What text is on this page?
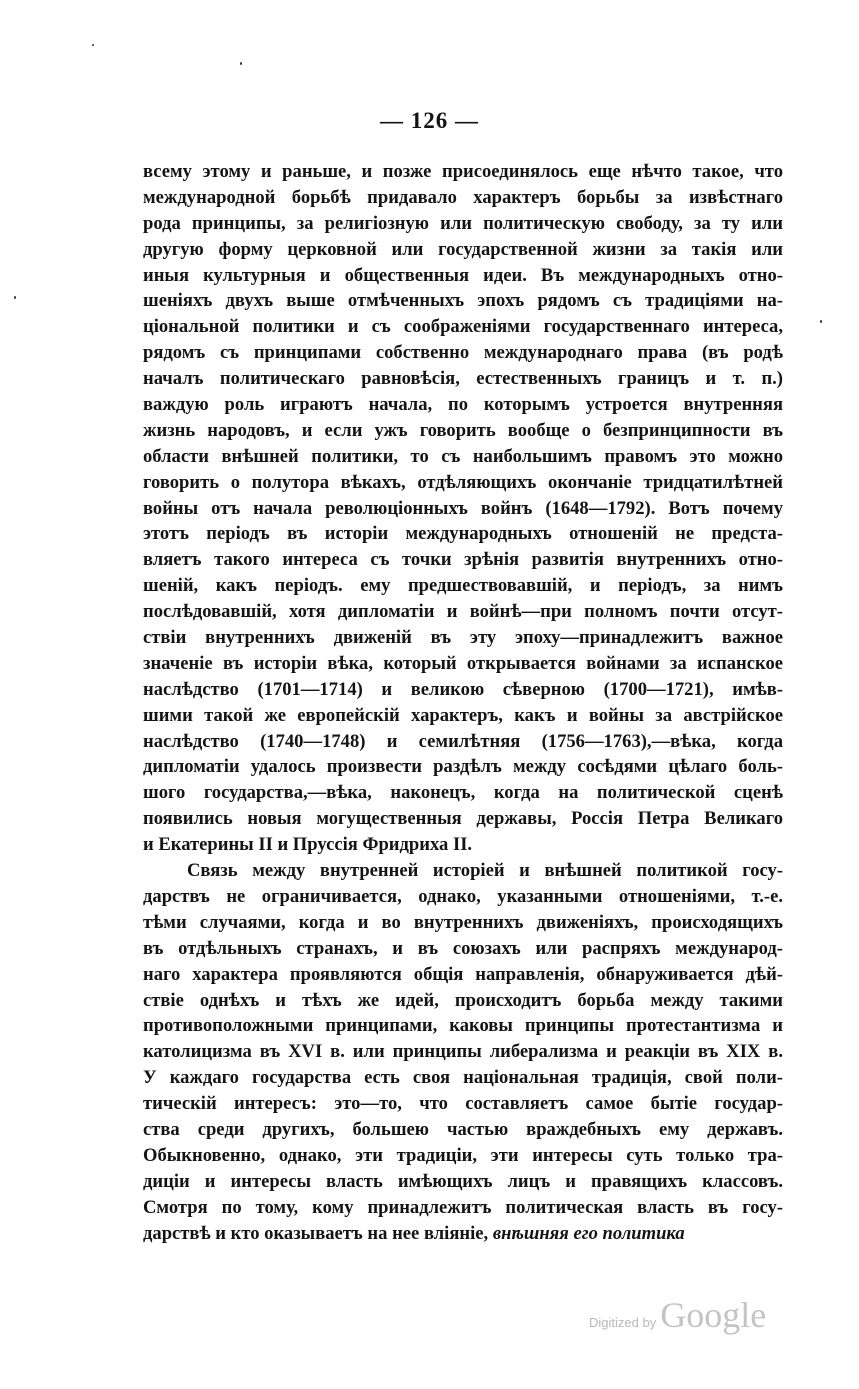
— 126 —
всему этому и раньше, и позже присоединялось еще нѣчто такое, что
международной борьбѣ придавало характеръ борьбы за извѣстнаго
рода принципы, за религіозную или политическую свободу, за ту или
другую форму церковной или государственной жизни за такія или
иныя культурныя и общественныя идеи. Въ международныхъ отно-
шеніяхъ двухъ выше отмѣченныхъ эпохъ рядомъ съ традиціями на-
ціональной политики и съ соображеніями государственнаго интереса,
рядомъ съ принципами собственно международнаго права (въ родѣ
началъ политическаго равновѣсія, естественныхъ границъ и т. п.)
важдую роль играютъ начала, по которымъ устроется внутренняя
жизнь народовъ, и если ужъ говорить вообще о безпринципности въ
области внѣшней политики, то съ наибольшимъ правомъ это можно
говорить о полутора вѣкахъ, отдѣляющихъ окончаніе тридцатилѣтней
войны отъ начала революціонныхъ войнъ (1648—1792). Вотъ почему
этотъ періодъ въ исторіи международныхъ отношеній не предста-
вляетъ такого интереса съ точки зрѣнія развитія внутреннихъ отно-
шеній, какъ періодъ. ему предшествовавшій, и періодъ, за нимъ
послѣдовавшій, хотя дипломатіи и войнѣ—при полномъ почти отсут-
ствіи внутреннихъ движеній въ эту эпоху—принадлежитъ важное
значеніе въ исторіи вѣка, который открывается войнами за испанское
наслѣдство (1701—1714) и великою сѣверною (1700—1721), имѣв-
шими такой же европейскій характеръ, какъ и войны за австрійское
наслѣдство (1740—1748) и семилѣтняя (1756—1763),—вѣка, когда
дипломатіи удалось произвести раздѣлъ между сосѣдями цѣлаго боль-
шого государства,—вѣка, наконецъ, когда на политической сценѣ
появились новыя могущественныя державы, Россія Петра Великаго
и Екатерины II и Пруссія Фридриха II.
Связь между внутренней исторіей и внѣшней политикой госу-
дарствъ не ограничивается, однако, указанными отношеніями, т.-е.
тѣми случаями, когда и во внутреннихъ движеніяхъ, происходящихъ
въ отдѣльныхъ странахъ, и въ союзахъ или распряхъ международ-
наго характера проявляются общія направленія, обнаруживается дѣй-
ствіе однѣхъ и тѣхъ же идей, происходитъ борьба между такими
противоположными принципами, каковы принципы протестантизма и
католицизма въ XVI в. или принципы либерализма и реакціи въ XIX в.
У каждаго государства есть своя національная традиція, свой поли-
тическій интересъ: это—то, что составляетъ самое бытіе государ-
ства среди другихъ, большею частью враждебныхъ ему державъ.
Обыкновенно, однако, эти традиціи, эти интересы суть только тра-
диціи и интересы власть имѣющихъ лицъ и правящихъ классовъ.
Смотря по тому, кому принадлежитъ политическая власть въ госу-
дарствѣ и кто оказываетъ на нее вліяніе, внѣшняя его политика
Digitized by Google
